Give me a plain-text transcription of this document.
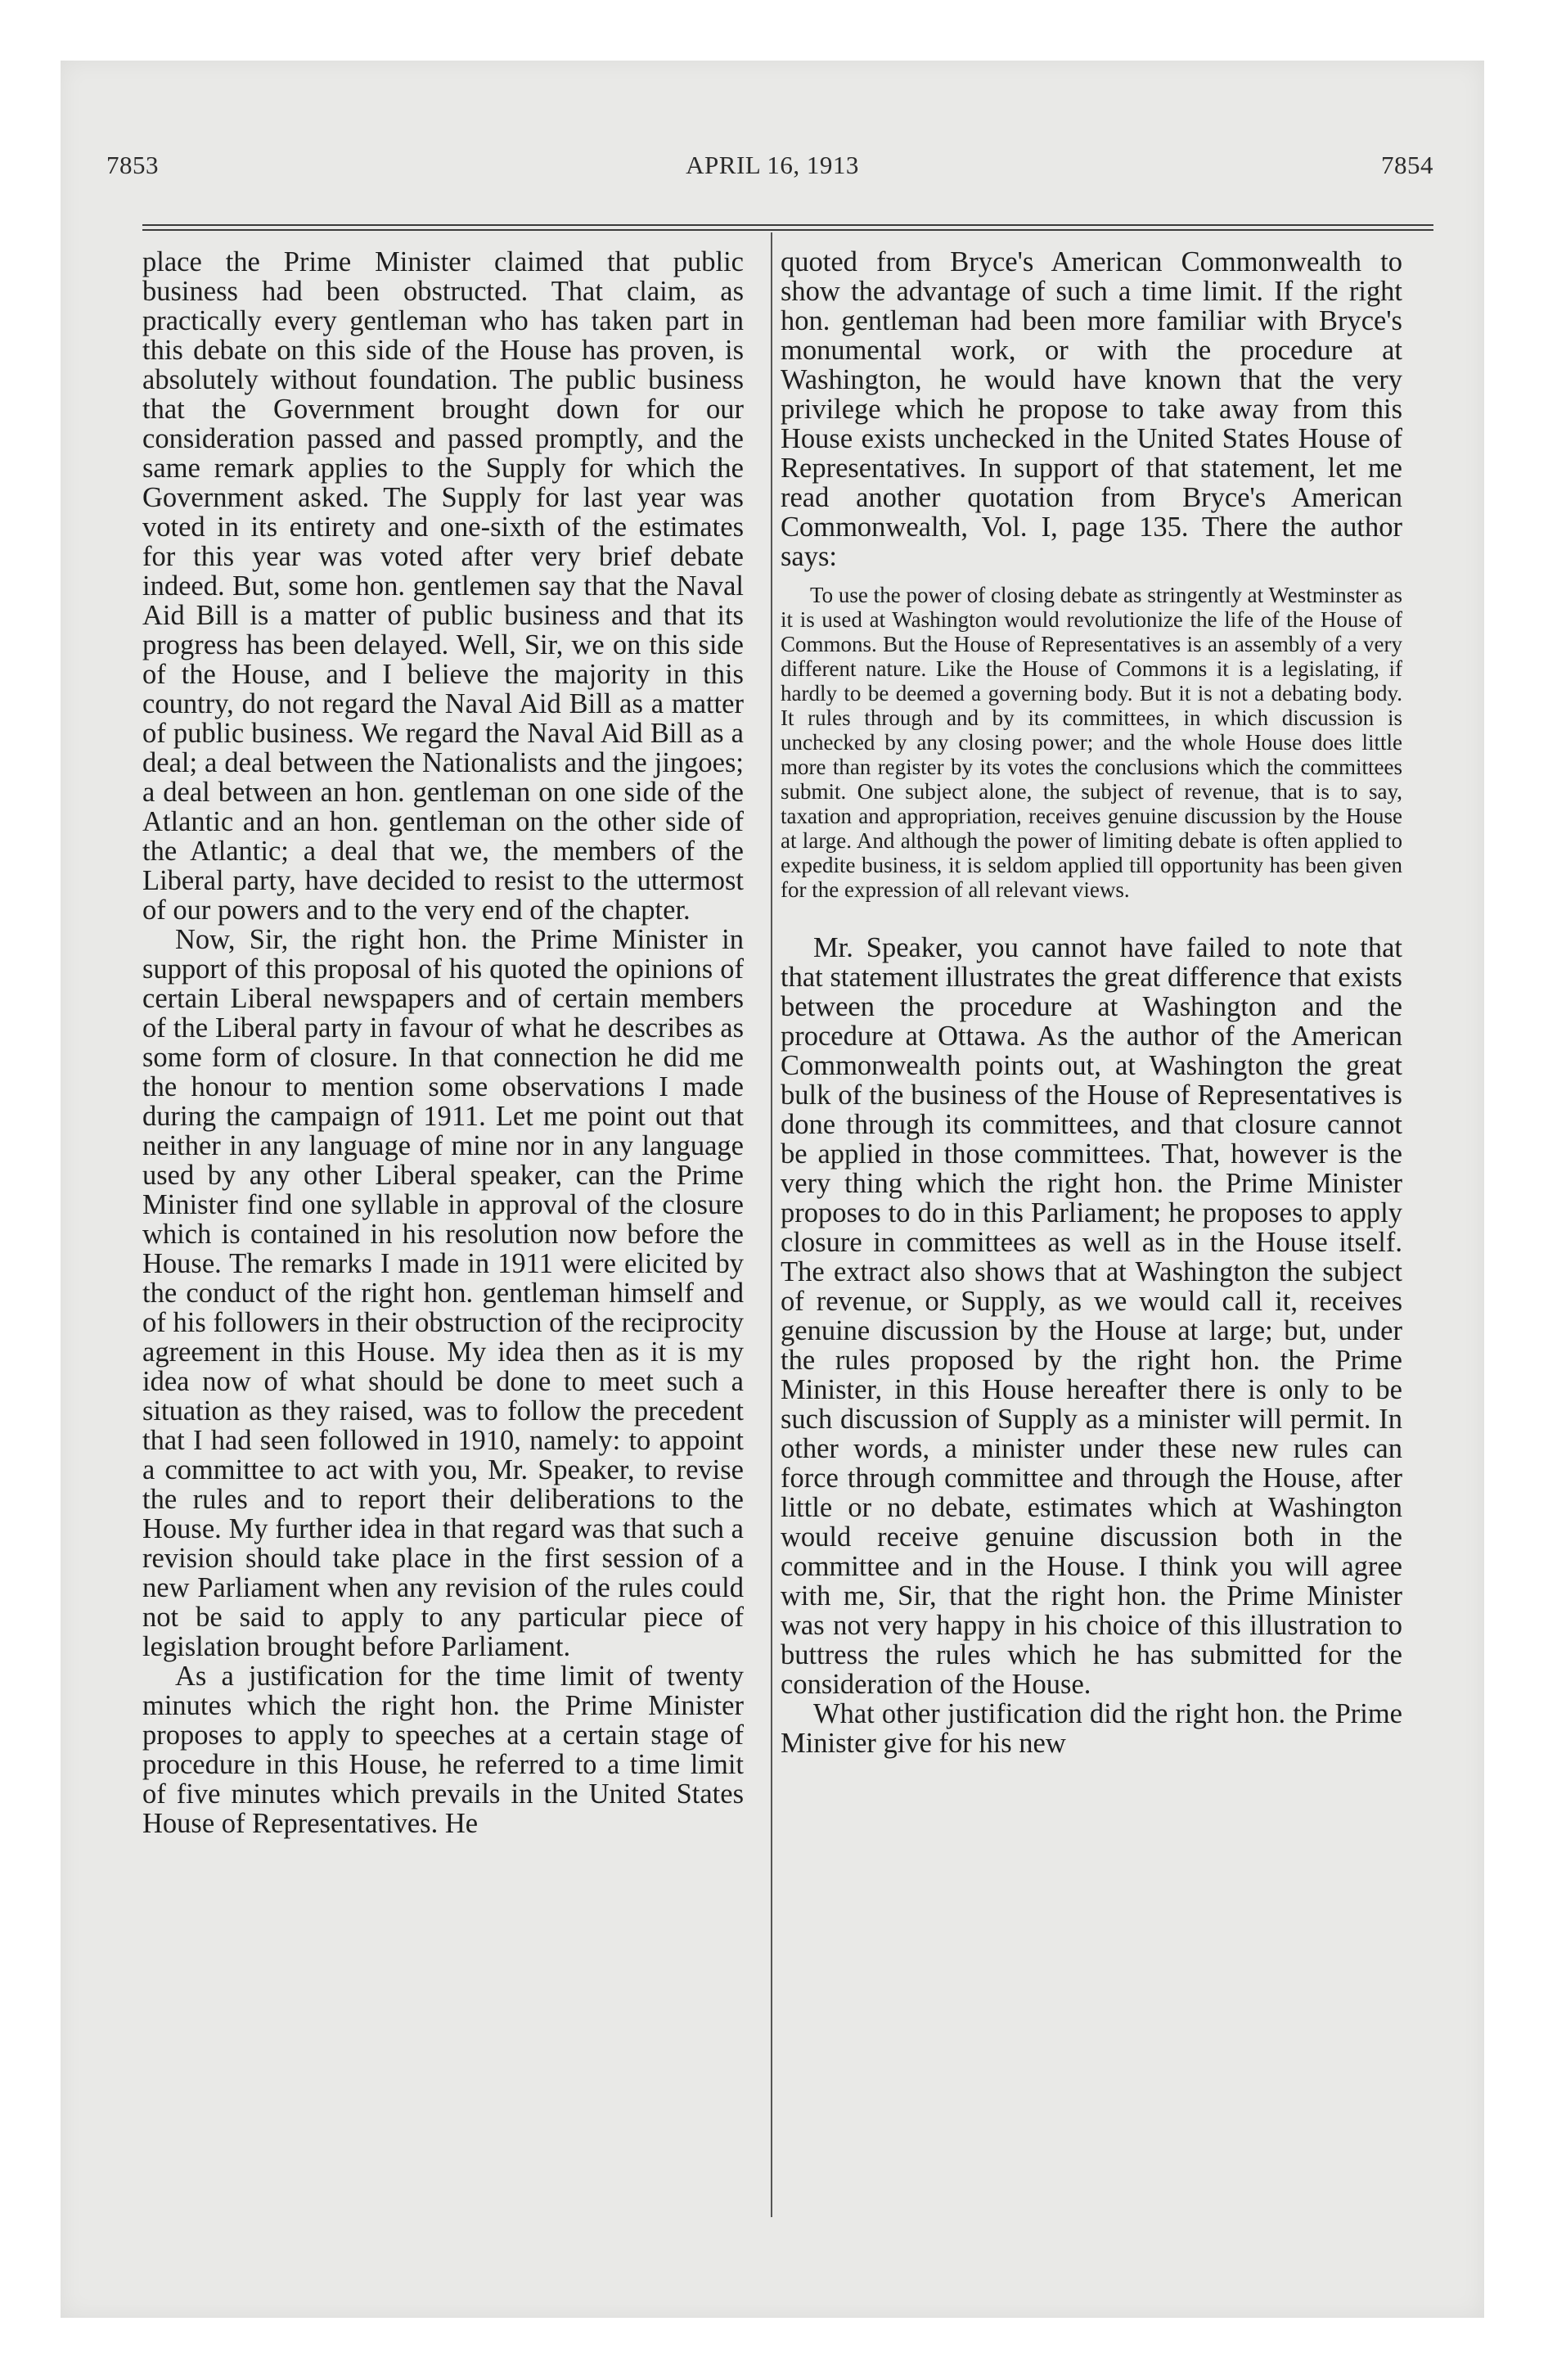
APRIL 16, 1913
7853	7854

place the Prime Minister claimed that public business had been obstructed. That claim, as practically every gentleman who has taken part in this debate on this side of the House has proven, is absolutely without foundation. The public business that the Government brought down for our consideration passed and passed promptly, and the same remark applies to the Supply for which the Government asked. The Supply for last year was voted in its entirety and one-sixth of the estimates for this year was voted after very brief debate indeed. But, some hon. gentlemen say that the Naval Aid Bill is a matter of public business and that its progress has been delayed. Well, Sir, we on this side of the House, and I believe the majority in this country, do not regard the Naval Aid Bill as a matter of public business. We regard the Naval Aid Bill as a deal; a deal between the Nationalists and the jingoes; a deal between an hon. gentleman on one side of the Atlantic and an hon. gentleman on the other side of the Atlantic; a deal that we, the members of the Liberal party, have decided to resist to the uttermost of our powers and to the very end of the chapter.

Now, Sir, the right hon. the Prime Minister in support of this proposal of his quoted the opinions of certain Liberal newspapers and of certain members of the Liberal party in favour of what he describes as some form of closure. In that connection he did me the honour to mention some observations I made during the campaign of 1911. Let me point out that neither in any language of mine nor in any language used by any other Liberal speaker, can the Prime Minister find one syllable in approval of the closure which is contained in his resolution now before the House. The remarks I made in 1911 were elicited by the conduct of the right hon. gentleman himself and of his followers in their obstruction of the reciprocity agreement in this House. My idea then as it is my idea now of what should be done to meet such a situation as they raised, was to follow the precedent that I had seen followed in 1910, namely: to appoint a committee to act with you, Mr. Speaker, to revise the rules and to report their deliberations to the House. My further idea in that regard was that such a revision should take place in the first session of a new Parliament when any revision of the rules could not be said to apply to any particular piece of legislation brought before Parliament.

As a justification for the time limit of twenty minutes which the right hon. the Prime Minister proposes to apply to speeches at a certain stage of procedure in this House, he referred to a time limit of five minutes which prevails in the United States House of Representatives. He

quoted from Bryce's American Commonwealth to show the advantage of such a time limit. If the right hon. gentleman had been more familiar with Bryce's monumental work, or with the procedure at Washington, he would have known that the very privilege which he propose to take away from this House exists unchecked in the United States House of Representatives. In support of that statement, let me read another quotation from Bryce's American Commonwealth, Vol. I, page 135. There the author says:

To use the power of closing debate as stringently at Westminster as it is used at Washington would revolutionize the life of the House of Commons. But the House of Representatives is an assembly of a very different nature. Like the House of Commons it is a legislating, if hardly to be deemed a governing body. But it is not a debating body. It rules through and by its committees, in which discussion is unchecked by any closing power; and the whole House does little more than register by its votes the conclusions which the committees submit. One subject alone, the subject of revenue, that is to say, taxation and appropriation, receives genuine discussion by the House at large. And although the power of limiting debate is often applied to expedite business, it is seldom applied till opportunity has been given for the expression of all relevant views.

Mr. Speaker, you cannot have failed to note that that statement illustrates the great difference that exists between the procedure at Washington and the procedure at Ottawa. As the author of the American Commonwealth points out, at Washington the great bulk of the business of the House of Representatives is done through its committees, and that closure cannot be applied in those committees. That, however is the very thing which the right hon. the Prime Minister proposes to do in this Parliament; he proposes to apply closure in committees as well as in the House itself. The extract also shows that at Washington the subject of revenue, or Supply, as we would call it, receives genuine discussion by the House at large; but, under the rules proposed by the right hon. the Prime Minister, in this House hereafter there is only to be such discussion of Supply as a minister will permit. In other words, a minister under these new rules can force through committee and through the House, after little or no debate, estimates which at Washington would receive genuine discussion both in the committee and in the House. I think you will agree with me, Sir, that the right hon. the Prime Minister was not very happy in his choice of this illustration to buttress the rules which he has submitted for the consideration of the House.

What other justification did the right hon. the Prime Minister give for his new
